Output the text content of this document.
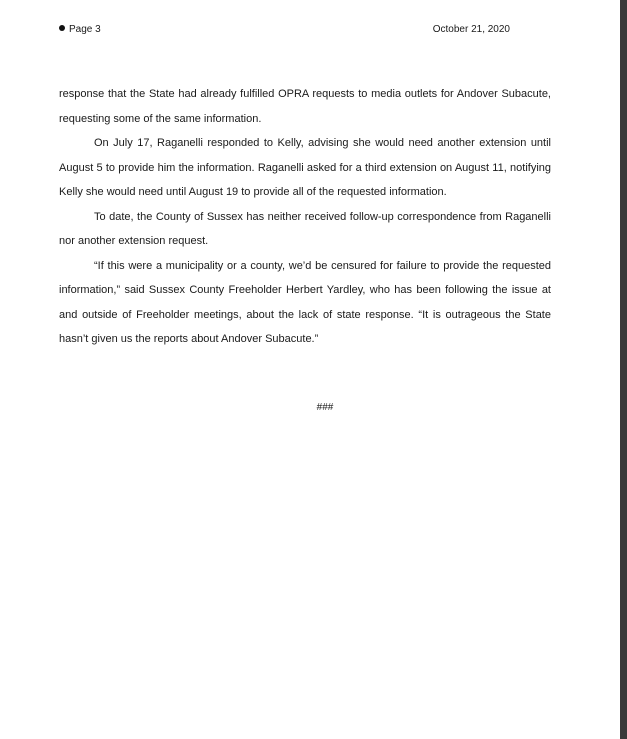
Page 3	October 21, 2020

response that the State had already fulfilled OPRA requests to media outlets for Andover Subacute, requesting some of the same information.

On July 17, Raganelli responded to Kelly, advising she would need another extension until August 5 to provide him the information. Raganelli asked for a third extension on August 11, notifying Kelly she would need until August 19 to provide all of the requested information.

To date, the County of Sussex has neither received follow-up correspondence from Raganelli nor another extension request.

“If this were a municipality or a county, we’d be censured for failure to provide the requested information,” said Sussex County Freeholder Herbert Yardley, who has been following the issue at and outside of Freeholder meetings, about the lack of state response. “It is outrageous the State hasn’t given us the reports about Andover Subacute.”

###
